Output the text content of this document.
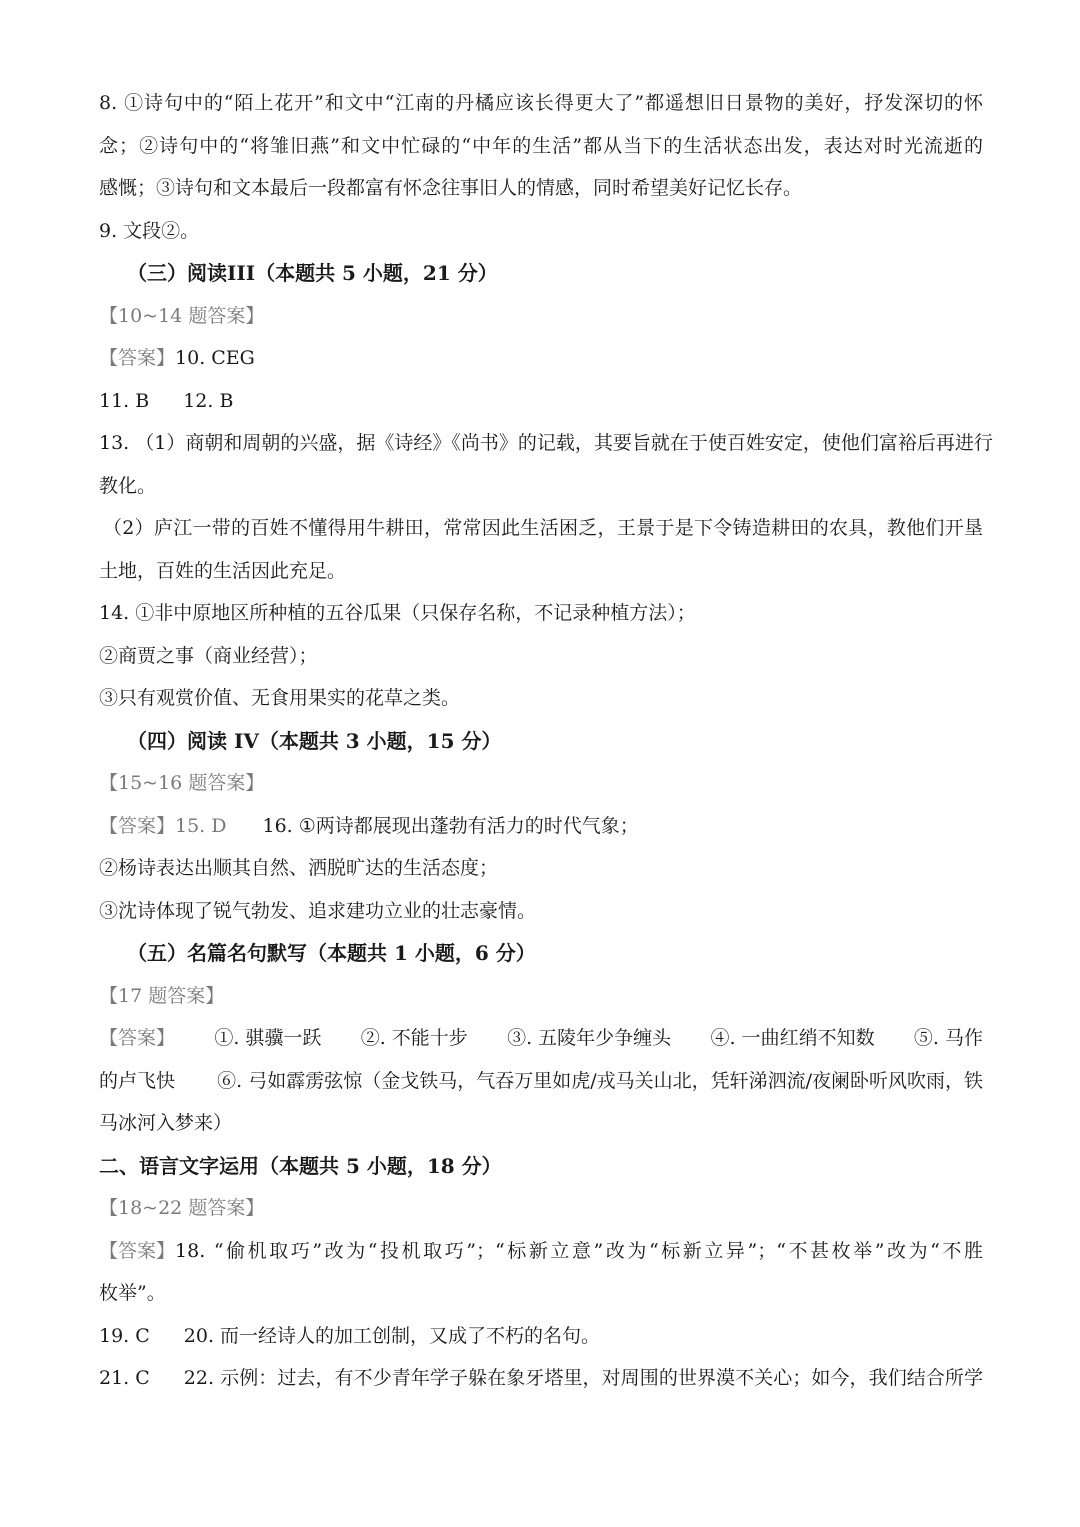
8. ①诗句中的“陌上花开”和文中“江南的丹橘应该长得更大了”都遥想旧日景物的美好，抒发深切的怀
念；②诗句中的“将雏旧燕”和文中忙碌的“中年的生活”都从当下的生活状态出发，表达对时光流逝的
感慨；③诗句和文本最后一段都富有怀念往事旧人的情感，同时希望美好记忆长存。
9. 文段②。
（三）阅读III（本题共 5 小题，21 分）
【10~14 题答案】
【答案】10. CEG
11. B 12. B
13. （1）商朝和周朝的兴盛，据《诗经》《尚书》的记载，其要旨就在于使百姓安定，使他们富裕后再进行
教化。
（2）庐江一带的百姓不懂得用牛耕田，常常因此生活困乏，王景于是下令铸造耕田的农具，教他们开垦
土地，百姓的生活因此充足。
14. ①非中原地区所种植的五谷瓜果（只保存名称，不记录种植方法）；
②商贾之事（商业经营）；
③只有观赏价值、无食用果实的花草之类。
（四）阅读 IV（本题共 3 小题，15 分）
【15~16 题答案】
【答案】15. D 16. ①两诗都展现出蓬勃有活力的时代气象；
②杨诗表达出顺其自然、洒脱旷达的生活态度；
③沈诗体现了锐气勃发、追求建功立业的壮志豪情。
（五）名篇名句默写（本题共 1 小题，6 分）
【17 题答案】
【答案】 ①. 骐骥一跃 ②. 不能十步 ③. 五陵年少争缠头 ④. 一曲红绡不知数 ⑤. 马作
的卢飞快 ⑥. 弓如霹雳弦惊（金戈铁马，气吞万里如虎/戎马关山北，凭轩涕泗流/夜阑卧听风吹雨，铁
马冰河入梦来）
二、语言文字运用（本题共 5 小题，18 分）
【18~22 题答案】
【答案】 18. “偷机取巧”改为“投机取巧”；“标新立意”改为“标新立异”；“不甚枚举”改为“不胜
枚举”。
19. C 20. 而一经诗人的加工创制，又成了不朽的名句。
21. C 22. 示例：过去，有不少青年学子躲在象牙塔里，对周围的世界漠不关心；如今，我们结合所学
